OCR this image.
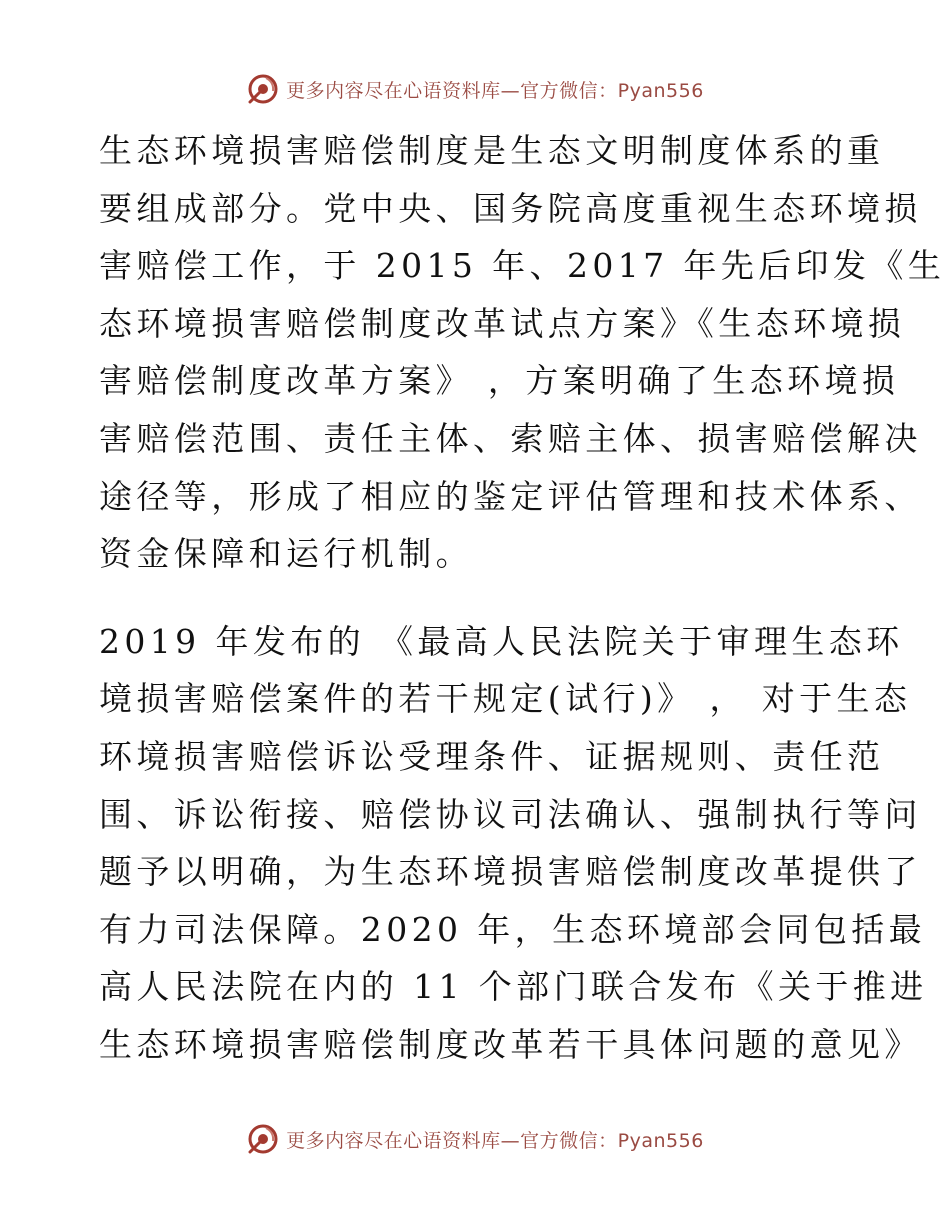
更多内容尽在心语资料库—官方微信：Pyan556
生态环境损害赔偿制度是生态文明制度体系的重
要组成部分。党中央、国务院高度重视生态环境损
害赔偿工作，于 2015 年、2017 年先后印发《生
态环境损害赔偿制度改革试点方案》《生态环境损
害赔偿制度改革方案》 ，方案明确了生态环境损
害赔偿范围、责任主体、索赔主体、损害赔偿解决
途径等，形成了相应的鉴定评估管理和技术体系、
资金保障和运行机制。
2019 年发布的 《最高人民法院关于审理生态环
境损害赔偿案件的若干规定(试行)》 ， 对于生态
环境损害赔偿诉讼受理条件、证据规则、责任范
围、诉讼衔接、赔偿协议司法确认、强制执行等问
题予以明确，为生态环境损害赔偿制度改革提供了
有力司法保障。2020 年，生态环境部会同包括最
高人民法院在内的 11 个部门联合发布《关于推进
生态环境损害赔偿制度改革若干具体问题的意见》
更多内容尽在心语资料库—官方微信：Pyan556
